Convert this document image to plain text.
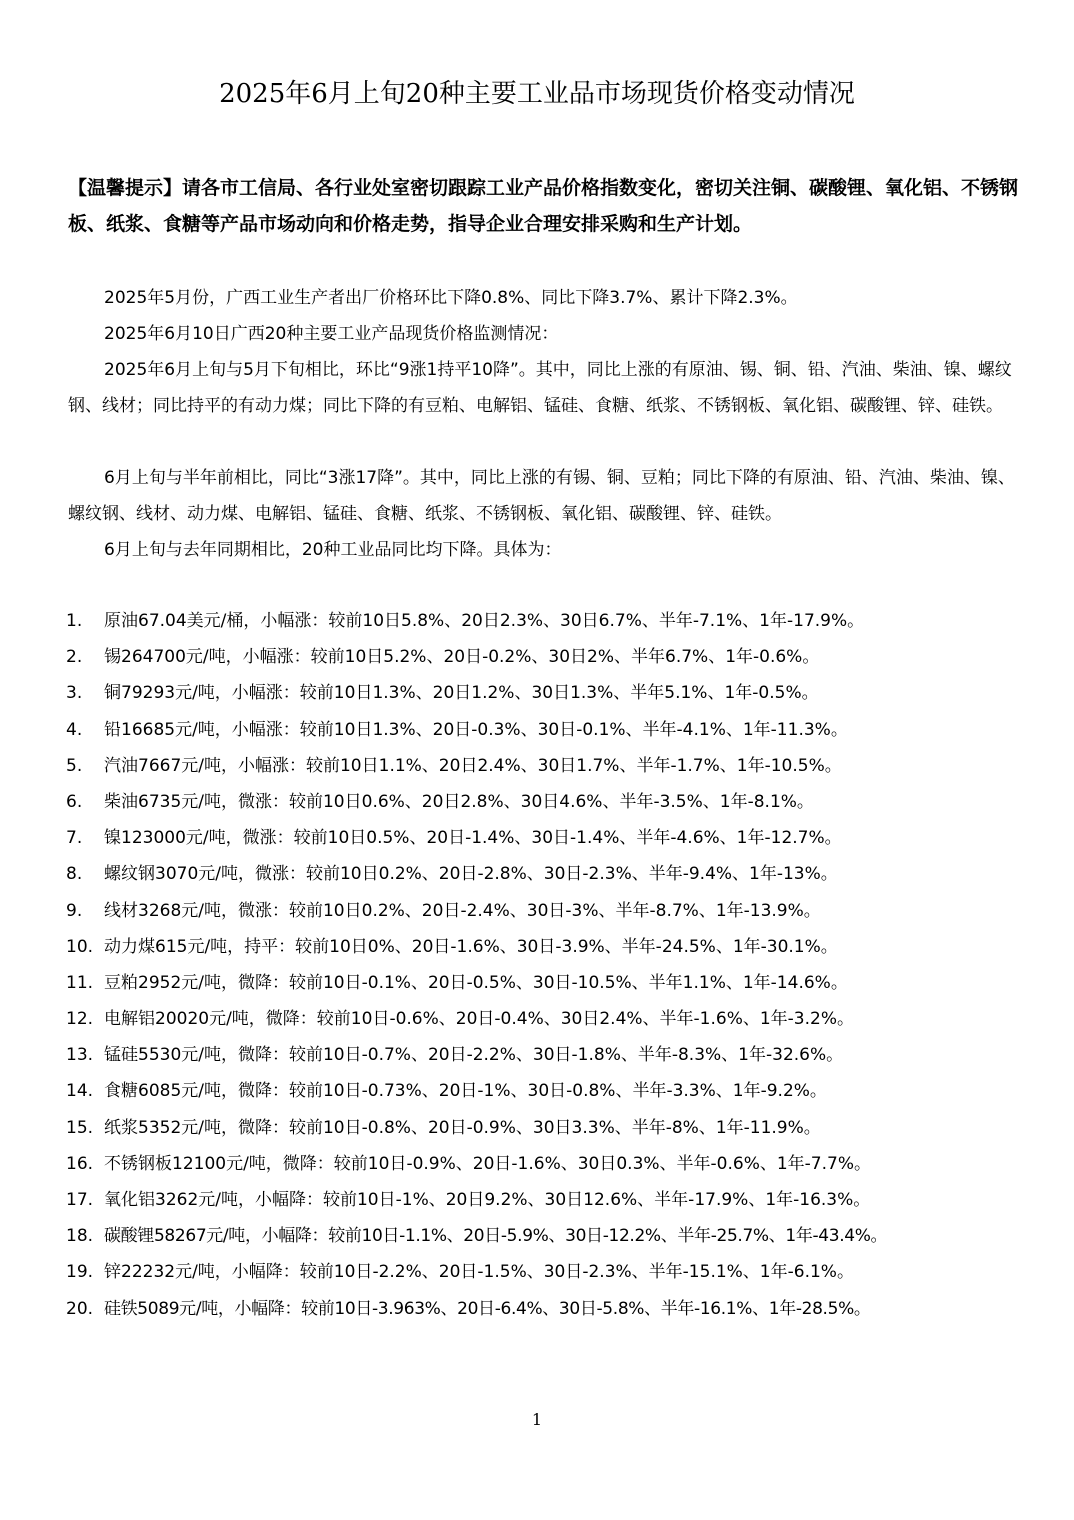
2025年6月上旬20种主要工业品市场现货价格变动情况

【温馨提示】请各市工信局、各行业处室密切跟踪工业产品价格指数变化，密切关注铜、碳酸锂、氧化铝、不锈钢板、纸浆、食糖等产品市场动向和价格走势，指导企业合理安排采购和生产计划。

2025年5月份，广西工业生产者出厂价格环比下降0.8%、同比下降3.7%、累计下降2.3%。

2025年6月10日广西20种主要工业产品现货价格监测情况：

2025年6月上旬与5月下旬相比，环比“9涨1持平10降”。其中，同比上涨的有原油、锡、铜、铅、汽油、柴油、镍、螺纹钢、线材；同比持平的有动力煤；同比下降的有豆粕、电解铝、锰硅、食糖、纸浆、不锈钢板、氧化铝、碳酸锂、锌、硅铁。

6月上旬与半年前相比，同比“3涨17降”。其中，同比上涨的有锡、铜、豆粕；同比下降的有原油、铅、汽油、柴油、镍、螺纹钢、线材、动力煤、电解铝、锰硅、食糖、纸浆、不锈钢板、氧化铝、碳酸锂、锌、硅铁。

6月上旬与去年同期相比，20种工业品同比均下降。具体为：

1.	原油67.04美元/桶，小幅涨：较前10日5.8%、20日2.3%、30日6.7%、半年-7.1%、1年-17.9%。
2.	锡264700元/吨，小幅涨：较前10日5.2%、20日-0.2%、30日2%、半年6.7%、1年-0.6%。
3.	铜79293元/吨，小幅涨：较前10日1.3%、20日1.2%、30日1.3%、半年5.1%、1年-0.5%。
4.	铅16685元/吨，小幅涨：较前10日1.3%、20日-0.3%、30日-0.1%、半年-4.1%、1年-11.3%。
5.	汽油7667元/吨，小幅涨：较前10日1.1%、20日2.4%、30日1.7%、半年-1.7%、1年-10.5%。
6.	柴油6735元/吨，微涨：较前10日0.6%、20日2.8%、30日4.6%、半年-3.5%、1年-8.1%。
7.	镍123000元/吨，微涨：较前10日0.5%、20日-1.4%、30日-1.4%、半年-4.6%、1年-12.7%。
8.	螺纹钢3070元/吨，微涨：较前10日0.2%、20日-2.8%、30日-2.3%、半年-9.4%、1年-13%。
9.	线材3268元/吨，微涨：较前10日0.2%、20日-2.4%、30日-3%、半年-8.7%、1年-13.9%。
10. 动力煤615元/吨，持平：较前10日0%、20日-1.6%、30日-3.9%、半年-24.5%、1年-30.1%。
11. 豆粕2952元/吨，微降：较前10日-0.1%、20日-0.5%、30日-10.5%、半年1.1%、1年-14.6%。
12. 电解铝20020元/吨，微降：较前10日-0.6%、20日-0.4%、30日2.4%、半年-1.6%、1年-3.2%。
13. 锰硅5530元/吨，微降：较前10日-0.7%、20日-2.2%、30日-1.8%、半年-8.3%、1年-32.6%。
14. 食糖6085元/吨，微降：较前10日-0.73%、20日-1%、30日-0.8%、半年-3.3%、1年-9.2%。
15. 纸浆5352元/吨，微降：较前10日-0.8%、20日-0.9%、30日3.3%、半年-8%、1年-11.9%。
16. 不锈钢板12100元/吨，微降：较前10日-0.9%、20日-1.6%、30日0.3%、半年-0.6%、1年-7.7%。
17. 氧化铝3262元/吨，小幅降：较前10日-1%、20日9.2%、30日12.6%、半年-17.9%、1年-16.3%。
18. 碳酸锂58267元/吨，小幅降：较前10日-1.1%、20日-5.9%、30日-12.2%、半年-25.7%、1年-43.4%。
19. 锌22232元/吨，小幅降：较前10日-2.2%、20日-1.5%、30日-2.3%、半年-15.1%、1年-6.1%。
20. 硅铁5089元/吨，小幅降：较前10日-3.963%、20日-6.4%、30日-5.8%、半年-16.1%、1年-28.5%。
1
